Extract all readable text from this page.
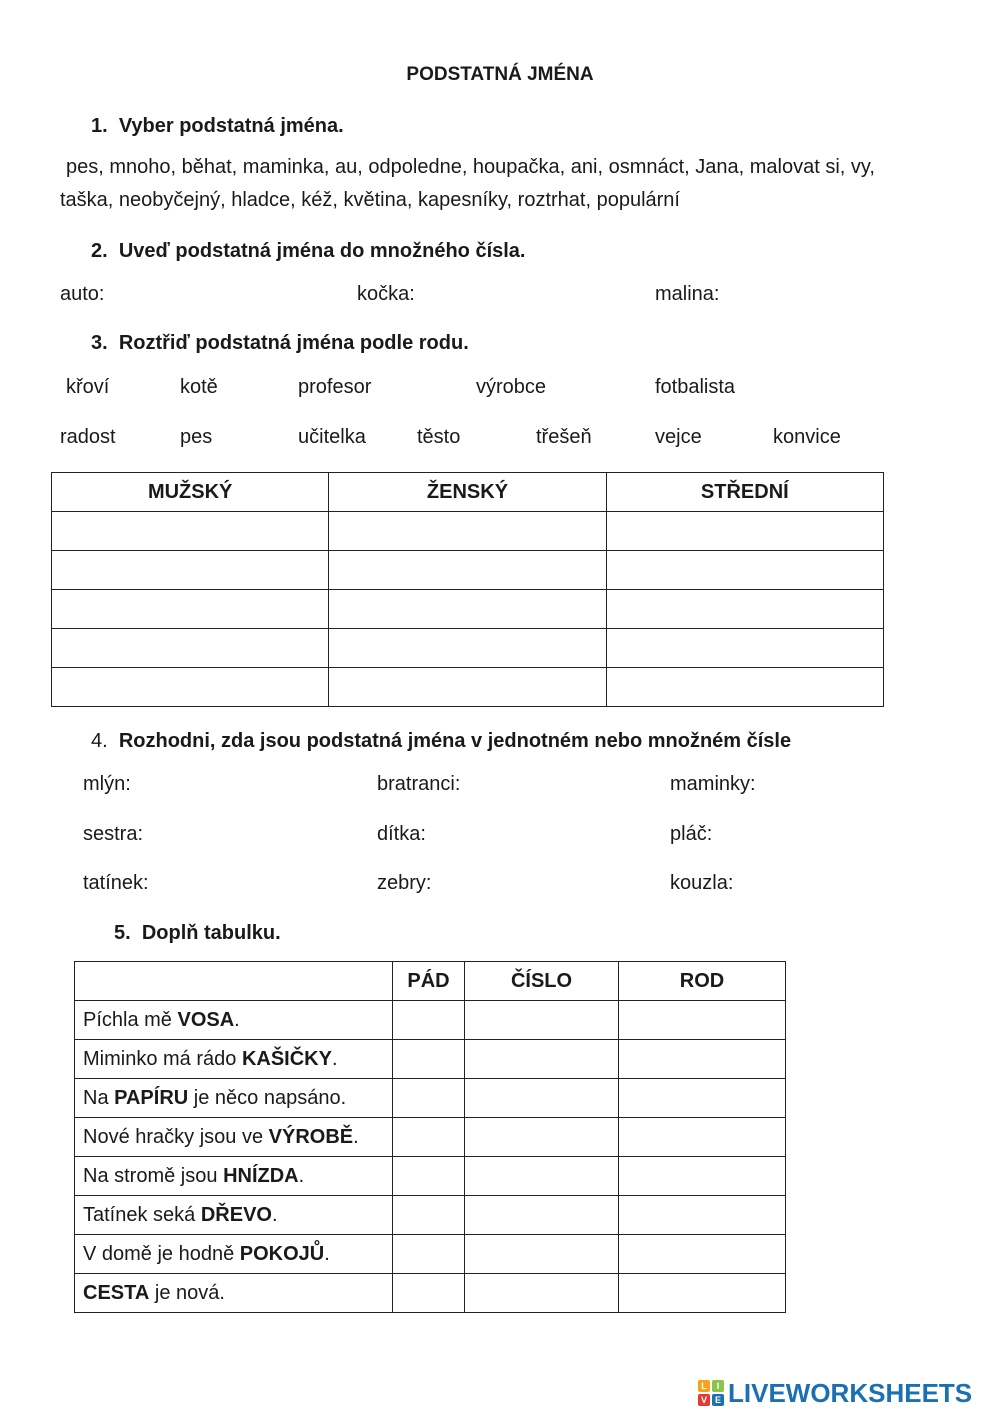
PODSTATNÁ JMÉNA
1. Vyber podstatná jména.
pes, mnoho, běhat, maminka, au, odpoledne, houpačka, ani, osmnáct, Jana, malovat si, vy,
taška, neobyčejný, hladce, kéž, květina, kapesníky, roztrhat, populární
2. Uveď podstatná jména do množného čísla.
auto:	kočka:	malina:
3. Roztřiď podstatná jména podle rodu.
křoví	kotě	profesor	výrobce	fotbalista
radost	pes	učitelka	těsto	třešeň	vejce	konvice
MUŽSKÝ	ŽENSKÝ	STŘEDNÍ

4. Rozhodni, zda jsou podstatná jména v jednotném nebo množném čísle
mlýn:	bratranci:	maminky:
sestra:	dítka:	pláč:
tatínek:	zebry:	kouzla:
5. Doplň tabulku.
	PÁD	ČÍSLO	ROD
Píchla mě VOSA.			
Miminko má rádo KAŠIČKY.			
Na PAPÍRU je něco napsáno.			
Nové hračky jsou ve VÝROBĚ.			
Na stromě jsou HNÍZDA.			
Tatínek seká DŘEVO.			
V domě je hodně POKOJŮ.			
CESTA je nová.			
L	I
V E LIVEWORKSHEETS
